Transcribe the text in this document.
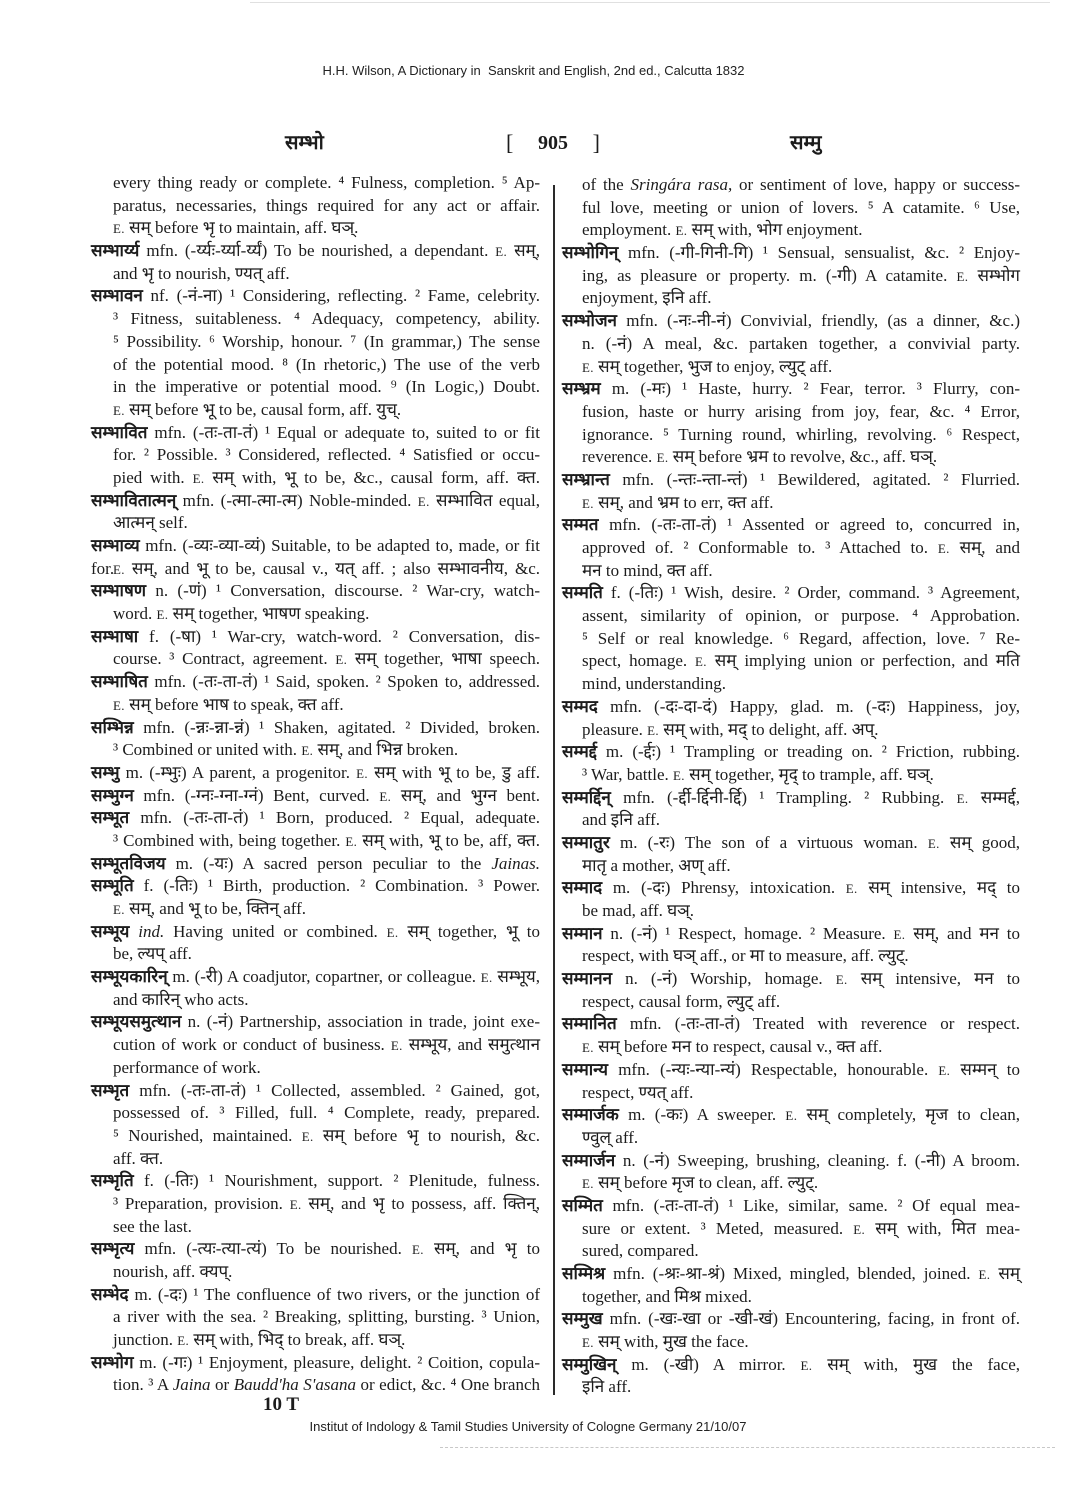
H.H. Wilson, A Dictionary in  Sanskrit and English, 2nd ed., Calcutta 1832
सम्भो	[ 905 ]	सम्मु
every thing ready or complete. ⁴ Fulness, completion. ⁵ Ap-
paratus, necessaries, things required for any act or affair.
E. सम् before भृ to maintain, aff. घञ्.
सम्भार्य्य mfn. (-र्य्यः-र्य्या-र्य्यं) To be nourished, a dependant. E. सम्,
and भृ to nourish, ण्यत् aff.
सम्भावन nf. (-नं-ना) ¹ Considering, reflecting. ² Fame, celebrity.
³ Fitness, suitableness. ⁴ Adequacy, competency, ability.
⁵ Possibility. ⁶ Worship, honour. ⁷ (In grammar,) The sense
of the potential mood. ⁸ (In rhetoric,) The use of the verb
in the imperative or potential mood. ⁹ (In Logic,) Doubt.
E. सम् before भू to be, causal form, aff. युच्.
सम्भावित mfn. (-तः-ता-तं) ¹ Equal or adequate to, suited to or fit
for. ² Possible. ³ Considered, reflected. ⁴ Satisfied or occu-
pied with. E. सम् with, भू to be, &c., causal form, aff. क्त.
सम्भावितात्मन् mfn. (-त्मा-त्मा-त्म) Noble-minded. E. सम्भावित equal,
आत्मन् self.
सम्भाव्य mfn. (-व्यः-व्या-व्यं) Suitable, to be adapted to, made, or fit for.
E. सम्, and भू to be, causal v., यत् aff. ; also सम्भावनीय, &c.
सम्भाषण n. (-णं) ¹ Conversation, discourse. ² War-cry, watch-
word. E. सम् together, भाषण speaking.
सम्भाषा f. (-षा) ¹ War-cry, watch-word. ² Conversation, dis-
course. ³ Contract, agreement. E. सम् together, भाषा speech.
सम्भाषित mfn. (-तः-ता-तं) ¹ Said, spoken. ² Spoken to, addressed.
E. सम् before भाष to speak, क्त aff.
सम्भिन्न mfn. (-न्नः-न्ना-न्नं) ¹ Shaken, agitated. ² Divided, broken.
³ Combined or united with. E. सम्, and भिन्न broken.
सम्भु m. (-म्भुः) A parent, a progenitor. E. सम् with भू to be, डु aff.
सम्भुग्न mfn. (-ग्नः-ग्ना-ग्नं) Bent, curved. E. सम्, and भुग्न bent.
सम्भूत mfn. (-तः-ता-तं) ¹ Born, produced. ² Equal, adequate.
³ Combined with, being together. E. सम् with, भू to be, aff, क्त.
सम्भूतविजय m. (-यः) A sacred person peculiar to the Jainas.
सम्भूति f. (-तिः) ¹ Birth, production. ² Combination. ³ Power.
E. सम्, and भू to be, क्तिन् aff.
सम्भूय ind. Having united or combined. E. सम् together, भू to
be, ल्यप् aff.
सम्भूयकारिन् m. (-री) A coadjutor, copartner, or colleague. E. सम्भूय,
and कारिन् who acts.
सम्भूयसमुत्थान n. (-नं) Partnership, association in trade, joint exe-
cution of work or conduct of business. E. सम्भूय, and समुत्थान
performance of work.
सम्भृत mfn. (-तः-ता-तं) ¹ Collected, assembled. ² Gained, got,
possessed of. ³ Filled, full. ⁴ Complete, ready, prepared.
⁵ Nourished, maintained. E. सम् before भृ to nourish, &c.
aff. क्त.
सम्भृति f. (-तिः) ¹ Nourishment, support. ² Plenitude, fulness.
³ Preparation, provision. E. सम्, and भृ to possess, aff. क्तिन्,
see the last.
सम्भृत्य mfn. (-त्यः-त्या-त्यं) To be nourished. E. सम्, and भृ to
nourish, aff. क्यप्.
सम्भेद m. (-दः) ¹ The confluence of two rivers, or the junction of
a river with the sea. ² Breaking, splitting, bursting. ³ Union,
junction. E. सम् with, भिद् to break, aff. घञ्.
सम्भोग m. (-गः) ¹ Enjoyment, pleasure, delight. ² Coition, copula-
tion. ³ A Jaina or Baudd'ha S'asana or edict, &c. ⁴ One branch
of the Sringára rasa, or sentiment of love, happy or success-
ful love, meeting or union of lovers. ⁵ A catamite. ⁶ Use,
employment. E. सम् with, भोग enjoyment.
सम्भोगिन् mfn. (-गी-गिनी-गि) ¹ Sensual, sensualist, &c. ² Enjoy-
ing, as pleasure or property. m. (-गी) A catamite. E. सम्भोग
enjoyment, इनि aff.
सम्भोजन mfn. (-नः-नी-नं) Convivial, friendly, (as a dinner, &c.)
n. (-नं) A meal, &c. partaken together, a convivial party.
E. सम् together, भुज to enjoy, ल्युट् aff.
सम्भ्रम m. (-मः) ¹ Haste, hurry. ² Fear, terror. ³ Flurry, con-
fusion, haste or hurry arising from joy, fear, &c. ⁴ Error,
ignorance. ⁵ Turning round, whirling, revolving. ⁶ Respect,
reverence. E. सम् before भ्रम to revolve, &c., aff. घञ्.
सम्भ्रान्त mfn. (-न्तः-न्ता-न्तं) ¹ Bewildered, agitated. ² Flurried.
E. सम्, and भ्रम to err, क्त aff.
सम्मत mfn. (-तः-ता-तं) ¹ Assented or agreed to, concurred in,
approved of. ² Conformable to. ³ Attached to. E. सम्, and
मन to mind, क्त aff.
सम्मति f. (-तिः) ¹ Wish, desire. ² Order, command. ³ Agreement,
assent, similarity of opinion, or purpose. ⁴ Approbation.
⁵ Self or real knowledge. ⁶ Regard, affection, love. ⁷ Re-
spect, homage. E. सम् implying union or perfection, and मति
mind, understanding.
सम्मद mfn. (-दः-दा-दं) Happy, glad. m. (-दः) Happiness, joy,
pleasure. E. सम् with, मद् to delight, aff. अप्.
सम्मर्द्द m. (-र्द्दः) ¹ Trampling or treading on. ² Friction, rubbing.
³ War, battle. E. सम् together, मृद् to trample, aff. घञ्.
सम्मर्द्दिन् mfn. (-र्द्दी-र्द्दिनी-र्द्दि) ¹ Trampling. ² Rubbing. E. सम्मर्द्द,
and इनि aff.
सम्मातुर m. (-रः) The son of a virtuous woman. E. सम् good,
मातृ a mother, अण् aff.
सम्माद m. (-दः) Phrensy, intoxication. E. सम् intensive, मद् to
be mad, aff. घञ्.
सम्मान n. (-नं) ¹ Respect, homage. ² Measure. E. सम्, and मन to
respect, with घञ् aff., or मा to measure, aff. ल्युट्.
सम्मानन n. (-नं) Worship, homage. E. सम् intensive, मन to
respect, causal form, ल्युट् aff.
सम्मानित mfn. (-तः-ता-तं) Treated with reverence or respect.
E. सम् before मन to respect, causal v., क्त aff.
सम्मान्य mfn. (-न्यः-न्या-न्यं) Respectable, honourable. E. सम्मन् to
respect, ण्यत् aff.
सम्मार्जक m. (-कः) A sweeper. E. सम् completely, मृज to clean,
ण्वुल् aff.
सम्मार्जन n. (-नं) Sweeping, brushing, cleaning. f. (-नी) A broom.
E. सम् before मृज to clean, aff. ल्युट्.
सम्मित mfn. (-तः-ता-तं) ¹ Like, similar, same. ² Of equal mea-
sure or extent. ³ Meted, measured. E. सम् with, मित mea-
sured, compared.
सम्मिश्र mfn. (-श्रः-श्रा-श्रं) Mixed, mingled, blended, joined. E. सम्
together, and मिश्र mixed.
सम्मुख mfn. (-खः-खा or -खी-खं) Encountering, facing, in front of.
E. सम् with, मुख the face.
सम्मुखिन् m. (-खी) A mirror. E. सम् with, मुख the face,
इनि aff.
10 T
Institut of Indology & Tamil Studies University of Cologne Germany 21/10/07
